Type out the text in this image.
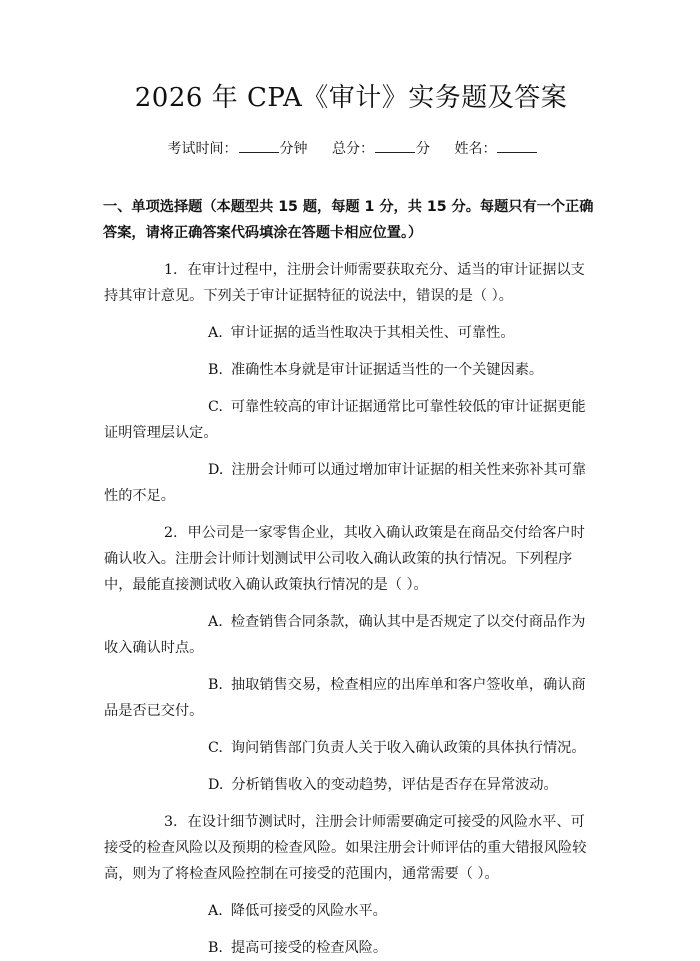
2026 年 CPA《审计》实务题及答案
考试时间：	分钟 总分：	分 姓名：
一、单项选择题（本题型共 15 题，每题 1 分，共 15 分。每题只有一个正确答案，请将正确答案代码填涂在答题卡相应位置。）
1. 在审计过程中，注册会计师需要获取充分、适当的审计证据以支持其审计意见。下列关于审计证据特征的说法中，错误的是（ ）。
A. 审计证据的适当性取决于其相关性、可靠性。
B. 准确性本身就是审计证据适当性的一个关键因素。
C. 可靠性较高的审计证据通常比可靠性较低的审计证据更能证明管理层认定。
D. 注册会计师可以通过增加审计证据的相关性来弥补其可靠性的不足。
2. 甲公司是一家零售企业，其收入确认政策是在商品交付给客户时确认收入。注册会计师计划测试甲公司收入确认政策的执行情况。下列程序中，最能直接测试收入确认政策执行情况的是（ ）。
A. 检查销售合同条款，确认其中是否规定了以交付商品作为收入确认时点。
B. 抽取销售交易，检查相应的出库单和客户签收单，确认商品是否已交付。
C. 询问销售部门负责人关于收入确认政策的具体执行情况。
D. 分析销售收入的变动趋势，评估是否存在异常波动。
3. 在设计细节测试时，注册会计师需要确定可接受的风险水平、可接受的检查风险以及预期的检查风险。如果注册会计师评估的重大错报风险较高，则为了将检查风险控制在可接受的范围内，通常需要（ ）。
A. 降低可接受的风险水平。
B. 提高可接受的检查风险。
